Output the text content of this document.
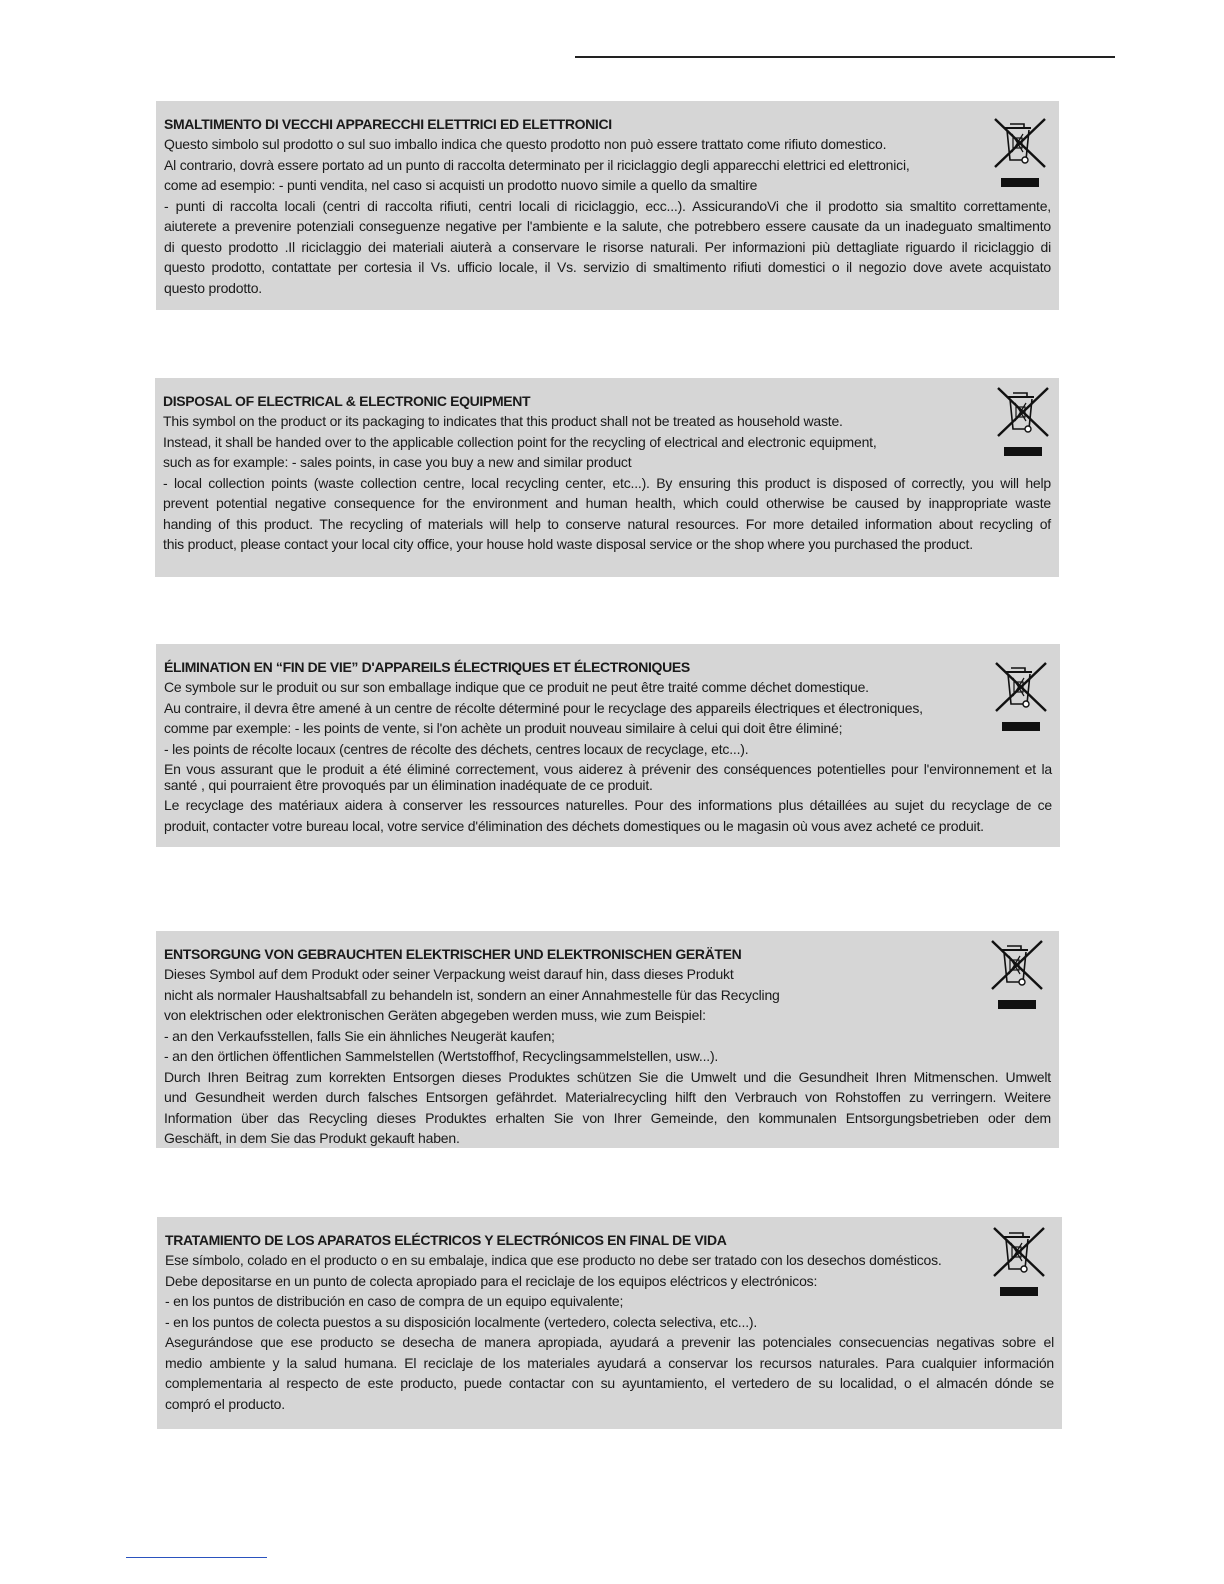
SMALTIMENTO DI VECCHI APPARECCHI ELETTRICI ED ELETTRONICI

Questo simbolo sul prodotto o sul suo imballo indica che questo prodotto non può essere trattato come rifiuto domestico.

Al contrario, dovrà essere portato ad un punto di raccolta determinato per il riciclaggio degli apparecchi elettrici ed elettronici,

come ad esempio: - punti vendita, nel caso si acquisti un prodotto nuovo simile a quello da smaltire

- punti di raccolta locali (centri di raccolta rifiuti, centri locali di riciclaggio, ecc...). AssicurandoVi che il prodotto sia smaltito correttamente,

aiuterete a prevenire potenziali conseguenze negative per l'ambiente e la salute, che potrebbero essere causate da un inadeguato smaltimento

di questo prodotto .Il riciclaggio dei materiali aiuterà a conservare le risorse naturali. Per informazioni più dettagliate riguardo il riciclaggio di

questo prodotto, contattate per cortesia il Vs. ufficio locale, il Vs. servizio di smaltimento rifiuti domestici o il negozio dove avete acquistato

questo prodotto.

DISPOSAL OF ELECTRICAL & ELECTRONIC EQUIPMENT

This symbol on the product or its packaging to indicates that this product shall not be treated as household waste.

Instead, it shall be handed over to the applicable collection point for the recycling of electrical and electronic equipment,

such as for example: - sales points, in case you buy a new and similar product

- local collection points (waste collection centre, local recycling center, etc...). By ensuring this product is disposed of correctly, you will help

prevent potential negative consequence for the environment and human health, which could otherwise be caused by inappropriate waste

handing of this product. The recycling of materials will help to conserve natural resources. For more detailed information about recycling of

this product, please contact your local city office, your house hold waste disposal service or the shop where you purchased the product.

ÉLIMINATION EN “FIN DE VIE” D'APPAREILS ÉLECTRIQUES ET ÉLECTRONIQUES

Ce symbole sur le produit ou sur son emballage indique que ce produit ne peut être traité comme déchet domestique.

Au contraire, il devra être amené à un centre de récolte déterminé pour le recyclage des appareils électriques et électroniques,

comme par exemple: - les points de vente, si l'on achète un produit nouveau similaire à celui qui doit être éliminé;

- les points de récolte locaux (centres de récolte des déchets, centres locaux de recyclage, etc...).

En vous assurant que le produit a été éliminé correctement, vous aiderez à prévenir des conséquences potentielles pour l'environnement et la

santé , qui pourraient être provoqués par un élimination inadéquate de ce produit.

Le recyclage des matériaux aidera à conserver les ressources naturelles. Pour des informations plus détaillées au sujet du recyclage de ce

produit, contacter votre bureau local, votre service d'élimination des déchets domestiques ou le magasin où vous avez acheté ce produit.

ENTSORGUNG VON GEBRAUCHTEN ELEKTRISCHER UND ELEKTRONISCHEN GERÄTEN

Dieses Symbol auf dem Produkt oder seiner Verpackung weist darauf hin, dass dieses Produkt

nicht als normaler Haushaltsabfall zu behandeln ist, sondern an einer Annahmestelle für das Recycling

von elektrischen oder elektronischen Geräten abgegeben werden muss, wie zum Beispiel:

- an den Verkaufsstellen, falls Sie ein ähnliches Neugerät kaufen;

- an den örtlichen öffentlichen Sammelstellen (Wertstoffhof, Recyclingsammelstellen, usw...).

Durch Ihren Beitrag zum korrekten Entsorgen dieses Produktes schützen Sie die Umwelt und die Gesundheit Ihren Mitmenschen. Umwelt

und Gesundheit werden durch falsches Entsorgen gefährdet. Materialrecycling hilft den Verbrauch von Rohstoffen zu verringern. Weitere

Information über das Recycling dieses Produktes erhalten Sie von Ihrer Gemeinde, den kommunalen Entsorgungsbetrieben oder dem

Geschäft, in dem Sie das Produkt gekauft haben.

TRATAMIENTO DE LOS APARATOS ELÉCTRICOS Y ELECTRÓNICOS EN FINAL DE VIDA

Ese símbolo, colado en el producto o en su embalaje, indica que ese producto no debe ser tratado con los desechos domésticos.

Debe depositarse en un punto de colecta apropiado para el reciclaje de los equipos eléctricos y electrónicos:

- en los puntos de distribución en caso de compra de un equipo equivalente;

- en los puntos de colecta puestos a su disposición localmente (vertedero, colecta selectiva, etc...).

Asegurándose que ese producto se desecha de manera apropiada, ayudará a prevenir las potenciales consecuencias negativas sobre el

medio ambiente y la salud humana. El reciclaje de los materiales ayudará a conservar los recursos naturales. Para cualquier información

complementaria al respecto de este producto, puede contactar con su ayuntamiento, el vertedero de su localidad, o el almacén dónde se

compró el producto.
